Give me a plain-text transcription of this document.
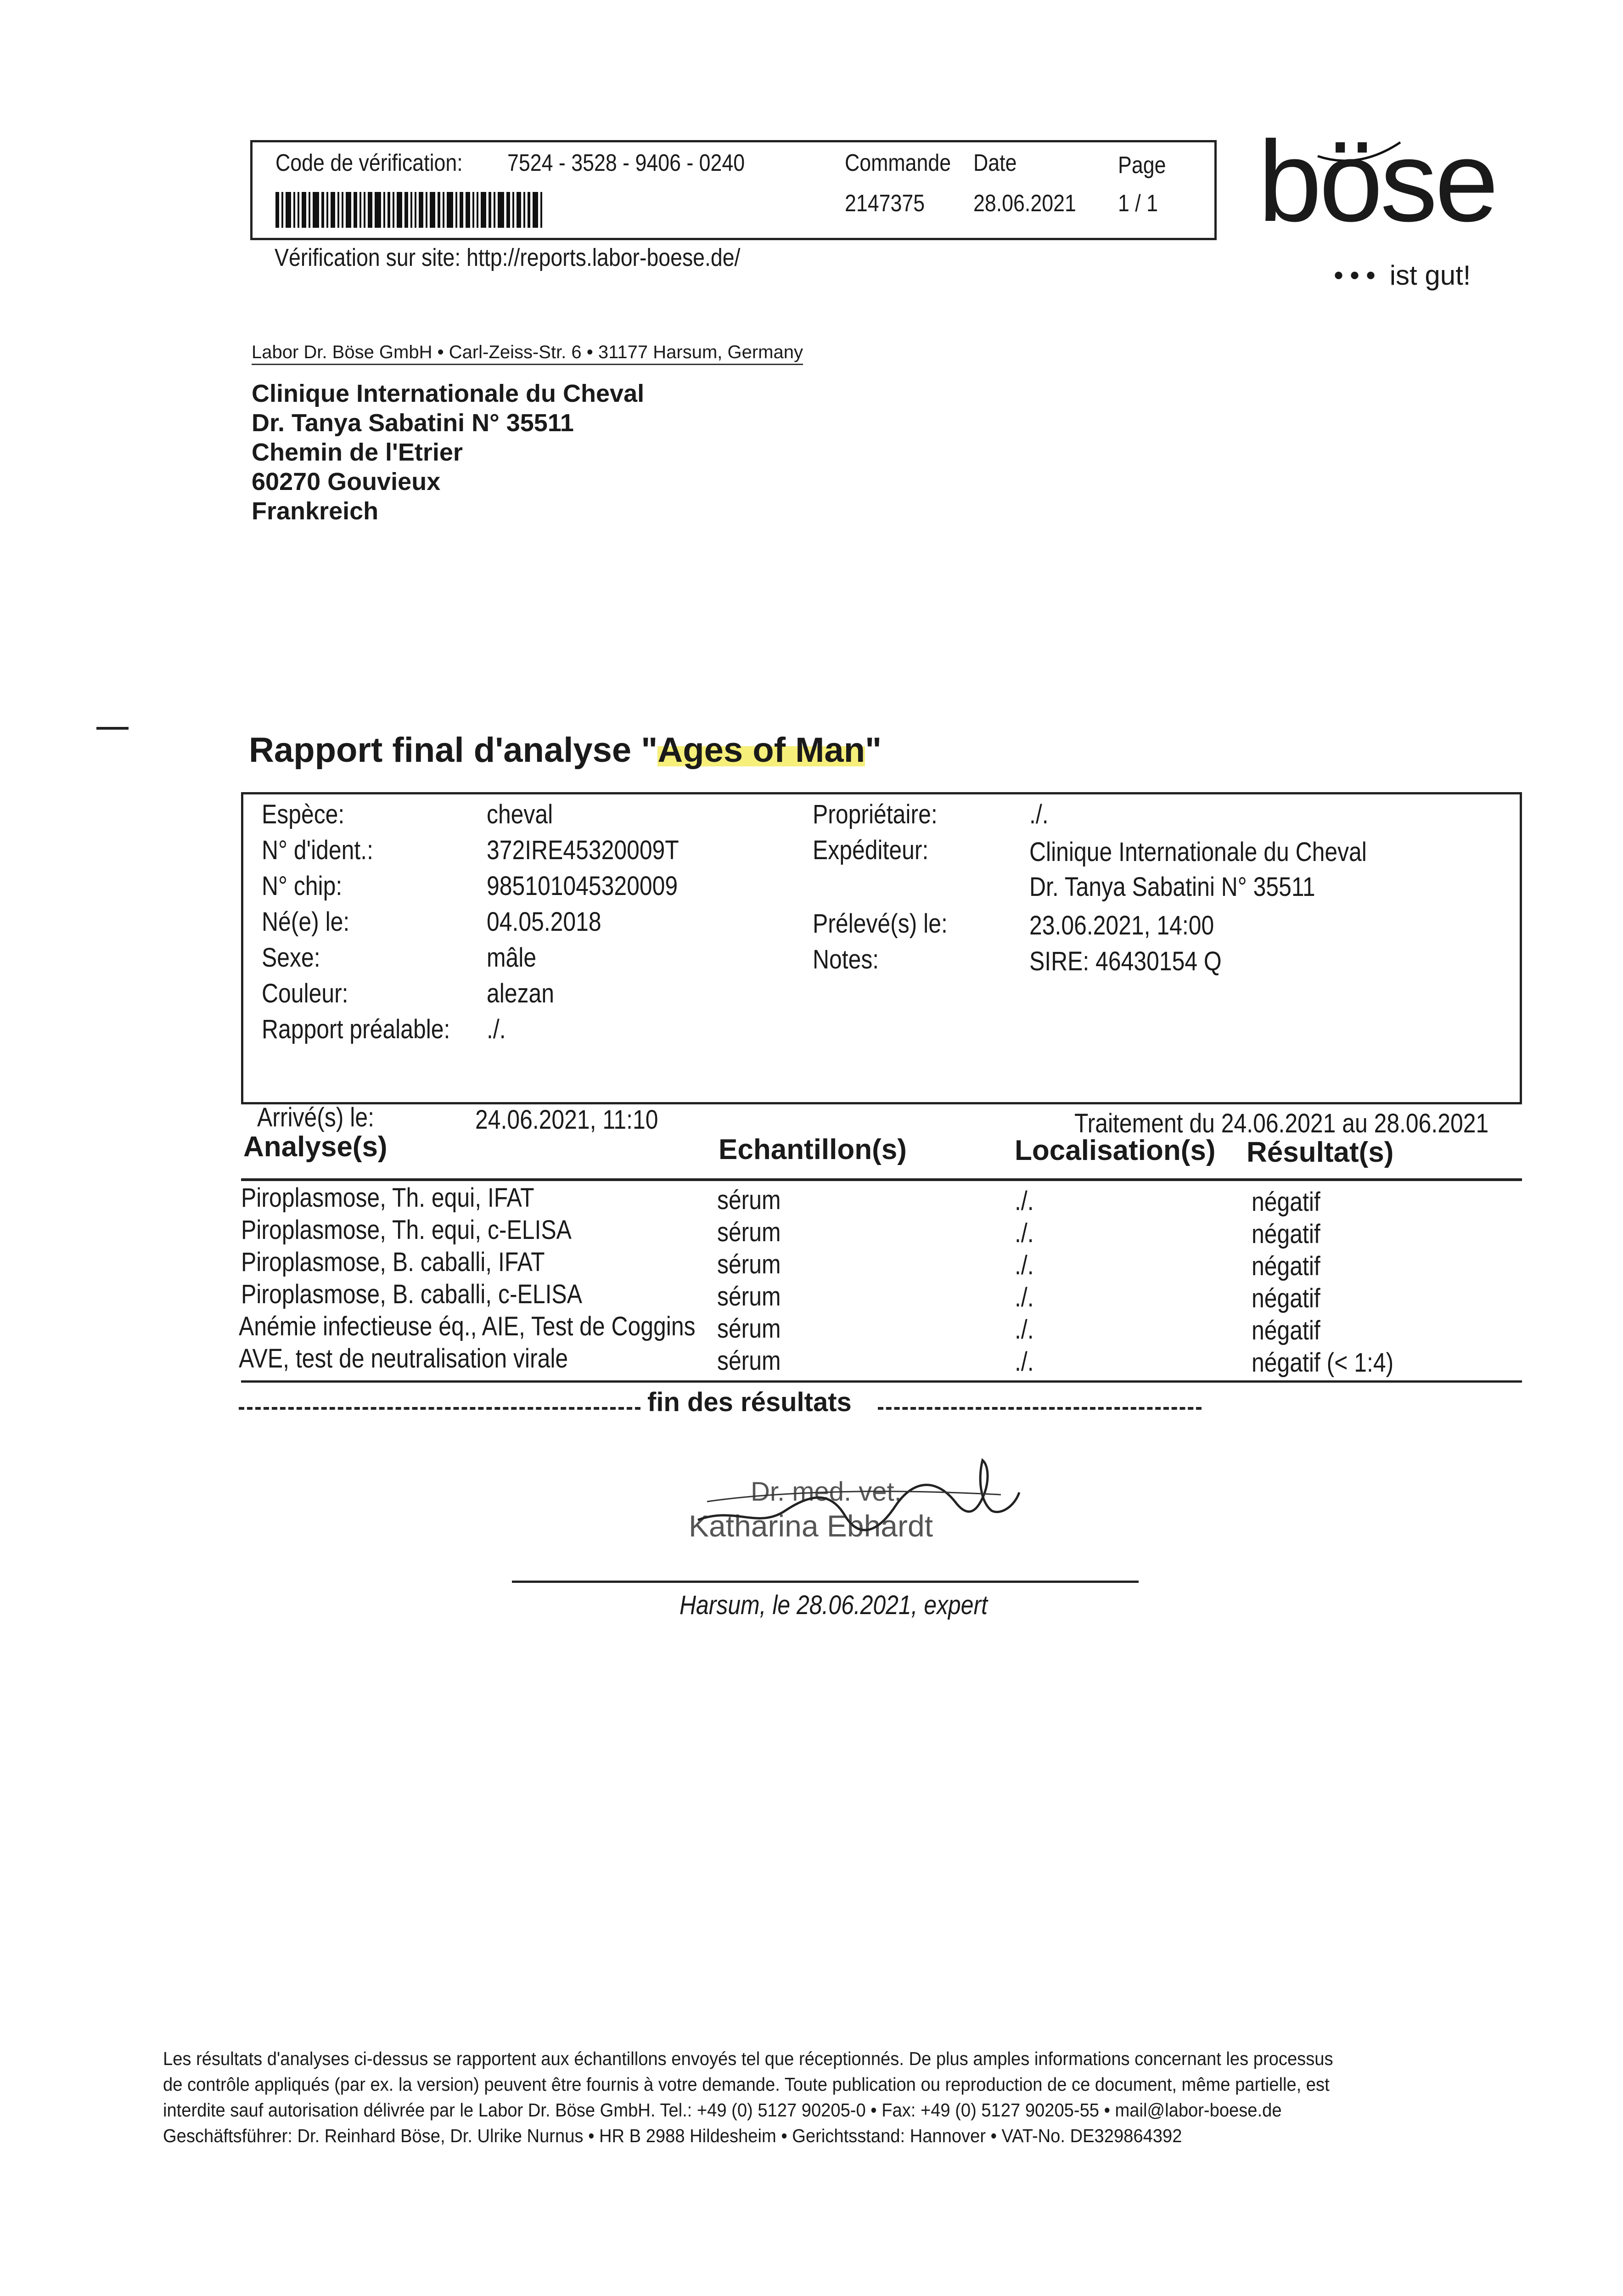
Code de vérification: 7524 - 3528 - 9406 - 0240	Commande Date	Page
2147375 28.06.2021 1 / 1
Vérification sur site: http://reports.labor-boese.de/
böse
••• ist gut!
Labor Dr. Böse GmbH • Carl-Zeiss-Str. 6 • 31177 Harsum, Germany
Clinique Internationale du Cheval
Dr. Tanya Sabatini N° 35511
Chemin de l'Etrier
60270 Gouvieux
Frankreich
Rapport final d'analyse "Ages of Man"
Espèce:	cheval
N° d'ident.:	372IRE45320009T
N° chip:	985101045320009
Né(e) le:	04.05.2018
Sexe:	mâle
Couleur:	alezan
Rapport préalable: ./.
Propriétaire:	./.
Expéditeur:	Clinique Internationale du Cheval
Dr. Tanya Sabatini N° 35511
Prélevé(s) le:	23.06.2021, 14:00
Notes:	SIRE: 46430154 Q
Arrivé(s) le:	24.06.2021, 11:10	Traitement du 24.06.2021 au 28.06.2021
Analyse(s)	Echantillon(s)	Localisation(s) Résultat(s)
Piroplasmose, Th. equi, IFAT	sérum	./.	négatif
Piroplasmose, Th. equi, c-ELISA	sérum	./.	négatif
Piroplasmose, B. caballi, IFAT	sérum	./.	négatif
Piroplasmose, B. caballi, c-ELISA	sérum	./.	négatif
Anémie infectieuse éq., AIE, Test de Coggins sérum	./.	négatif
AVE, test de neutralisation virale	sérum	./.	négatif (< 1:4)
fin des résultats
Dr. med. vet.
Katharina Ebhardt
Harsum, le 28.06.2021, expert
Les résultats d'analyses ci-dessus se rapportent aux échantillons envoyés tel que réceptionnés. De plus amples informations concernant les processus
de contrôle appliqués (par ex. la version) peuvent être fournis à votre demande. Toute publication ou reproduction de ce document, même partielle, est
interdite sauf autorisation délivrée par le Labor Dr. Böse GmbH. Tel.: +49 (0) 5127 90205-0 • Fax: +49 (0) 5127 90205-55 • mail@labor-boese.de
Geschäftsführer: Dr. Reinhard Böse, Dr. Ulrike Nurnus • HR B 2988 Hildesheim • Gerichtsstand: Hannover • VAT-No. DE329864392
